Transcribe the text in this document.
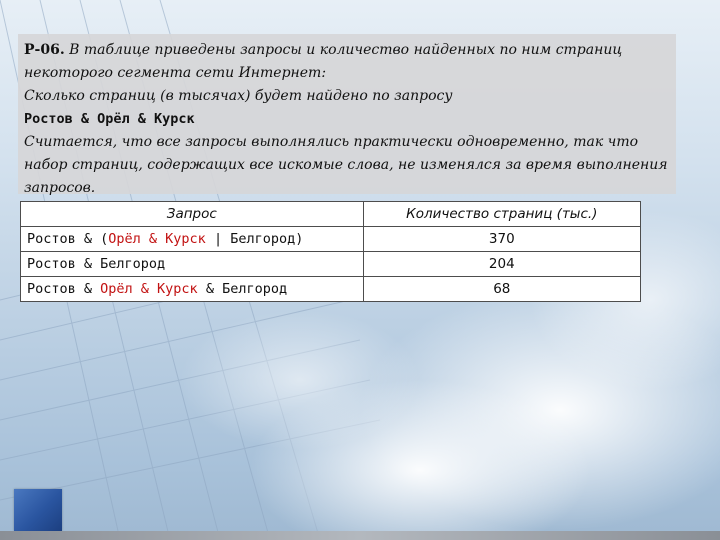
Р-06. В таблице приведены запросы и количество найденных по ним страниц

некоторого сегмента сети Интернет:

Сколько страниц (в тысячах) будет найдено по запросу

Ростов & Орёл & Курск

Считается, что все запросы выполнялись практически одновременно, так что

набор страниц, содержащих все искомые слова, не изменялся за время выполнения

запросов.

Запрос	Количество страниц (тыс.)
Ростов & (Орёл & Курск | Белгород)	370
Ростов & Белгород	204
Ростов & Орёл & Курск & Белгород	68
